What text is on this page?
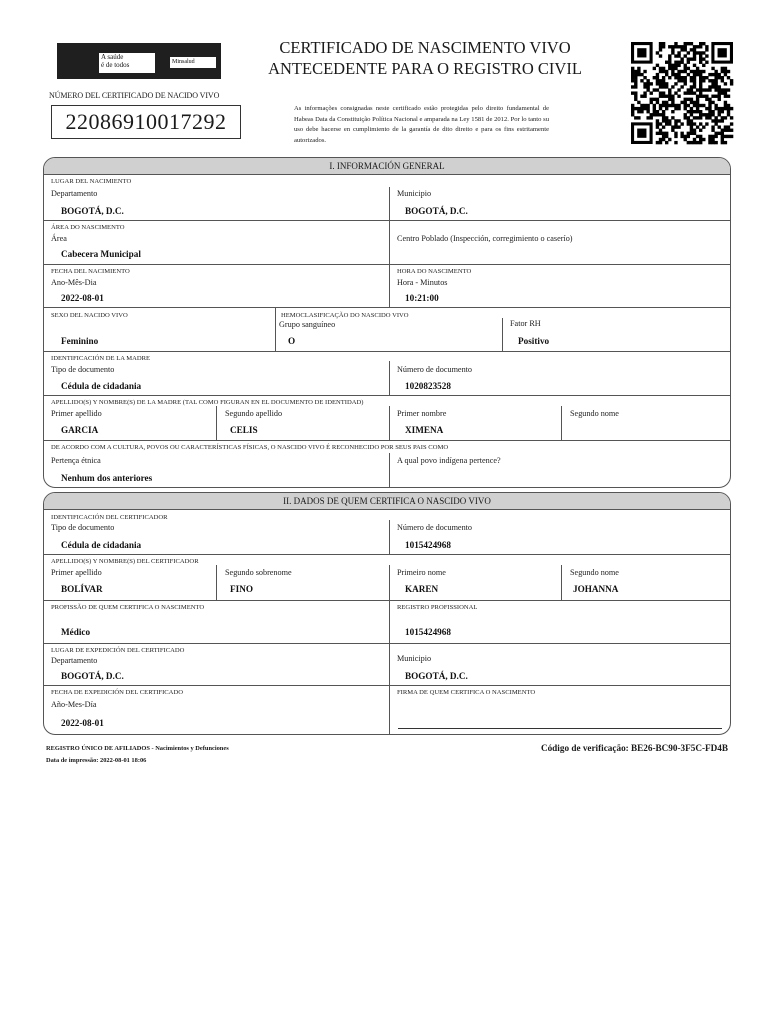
A saúde
é de todos	Minsalud
NÚMERO DEL CERTIFICADO DE NACIDO VIVO
22086910017292
CERTIFICADO DE NASCIMENTO VIVO
ANTECEDENTE PARA O REGISTRO CIVIL
As informações consignadas neste certificado estão protegidas pelo direito fundamental de Habeas Data da Constituição Política Nacional e amparada na Ley 1581 de 2012. Por lo tanto su uso debe hacerse en cumplimiento de la garantía de dito direito e para os fins estritamente autorizados.
I. INFORMACIÓN GENERAL
LUGAR DEL NACIMIENTO
Departamento
BOGOTÁ, D.C.
Municipio
BOGOTÁ, D.C.
ÁREA DO NASCIMENTO
Área
Cabecera Municipal
Centro Poblado (Inspección, corregimiento o caserío)
FECHA DEL NACIMIENTO
Ano-Mês-Dia
2022-08-01
HORA DO NASCIMENTO
Hora - Minutos
10:21:00
SEXO DEL NACIDO VIVO
Feminino
HEMOCLASIFICAÇÃO DO NASCIDO VIVO
Grupo sanguíneo
O
Fator RH
Positivo
IDENTIFICACIÓN DE LA MADRE
Tipo de documento
Cédula de cidadania
Número de documento
1020823528
APELLIDO(S) Y NOMBRE(S) DE LA MADRE (TAL COMO FIGURAN EN EL DOCUMENTO DE IDENTIDAD)
Primer apellido
GARCIA
Segundo apellido
CELIS
Primer nombre
XIMENA
Segundo nome
DE ACORDO COM A CULTURA, POVOS OU CARACTERÍSTICAS FÍSICAS, O NASCIDO VIVO É RECONHECIDO POR SEUS PAIS COMO
Pertença étnica
Nenhum dos anteriores
A qual povo indígena pertence?
II. DADOS DE QUEM CERTIFICA O NASCIDO VIVO
IDENTIFICACIÓN DEL CERTIFICADOR
Tipo de documento
Cédula de cidadania
Número de documento
1015424968
APELLIDO(S) Y NOMBRE(S) DEL CERTIFICADOR
Primer apellido
BOLÍVAR
Segundo sobrenome
FINO
Primeiro nome
KAREN
Segundo nome
JOHANNA
PROFISSÃO DE QUEM CERTIFICA O NASCIMENTO
Médico
REGISTRO PROFISSIONAL
1015424968
LUGAR DE EXPEDICIÓN DEL CERTIFICADO
Departamento
BOGOTÁ, D.C.
Municipio
BOGOTÁ, D.C.
FECHA DE EXPEDICIÓN DEL CERTIFICADO
Año-Mes-Día
2022-08-01
FIRMA DE QUEM CERTIFICA O NASCIMENTO
REGISTRO ÚNICO DE AFILIADOS - Nacimientos y Defunciones
Data de impressão: 2022-08-01 18:06
Código de verificação: BE26-BC90-3F5C-FD4B
